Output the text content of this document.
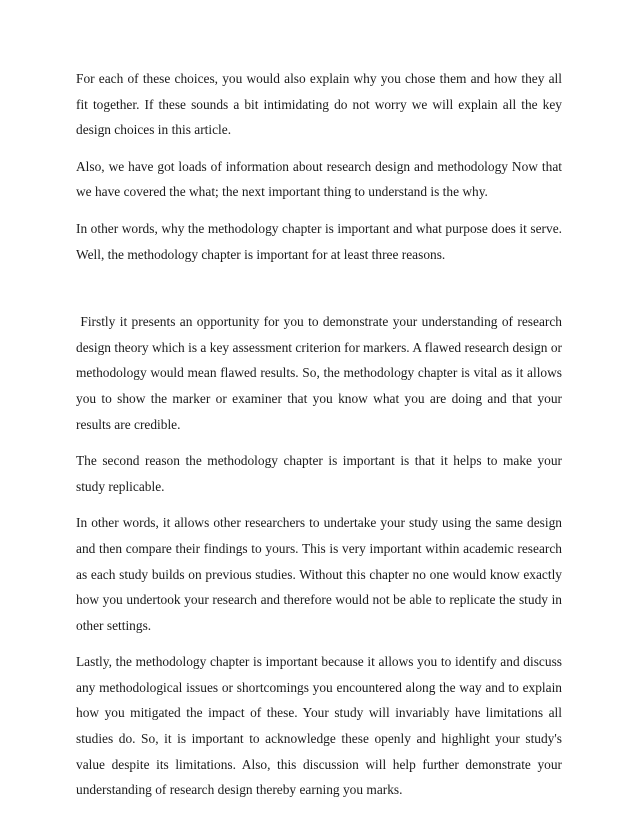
For each of these choices, you would also explain why you chose them and how they all fit together. If these sounds a bit intimidating do not worry we will explain all the key design choices in this article.

Also, we have got loads of information about research design and methodology Now that we have covered the what; the next important thing to understand is the why.

In other words, why the methodology chapter is important and what purpose does it serve. Well, the methodology chapter is important for at least three reasons.

Firstly it presents an opportunity for you to demonstrate your understanding of research design theory which is a key assessment criterion for markers. A flawed research design or methodology would mean flawed results. So, the methodology chapter is vital as it allows you to show the marker or examiner that you know what you are doing and that your results are credible.

The second reason the methodology chapter is important is that it helps to make your study replicable.

In other words, it allows other researchers to undertake your study using the same design and then compare their findings to yours. This is very important within academic research as each study builds on previous studies. Without this chapter no one would know exactly how you undertook your research and therefore would not be able to replicate the study in other settings.

Lastly, the methodology chapter is important because it allows you to identify and discuss any methodological issues or shortcomings you encountered along the way and to explain how you mitigated the impact of these. Your study will invariably have limitations all studies do. So, it is important to acknowledge these openly and highlight your study's value despite its limitations. Also, this discussion will help further demonstrate your understanding of research design thereby earning you marks.
